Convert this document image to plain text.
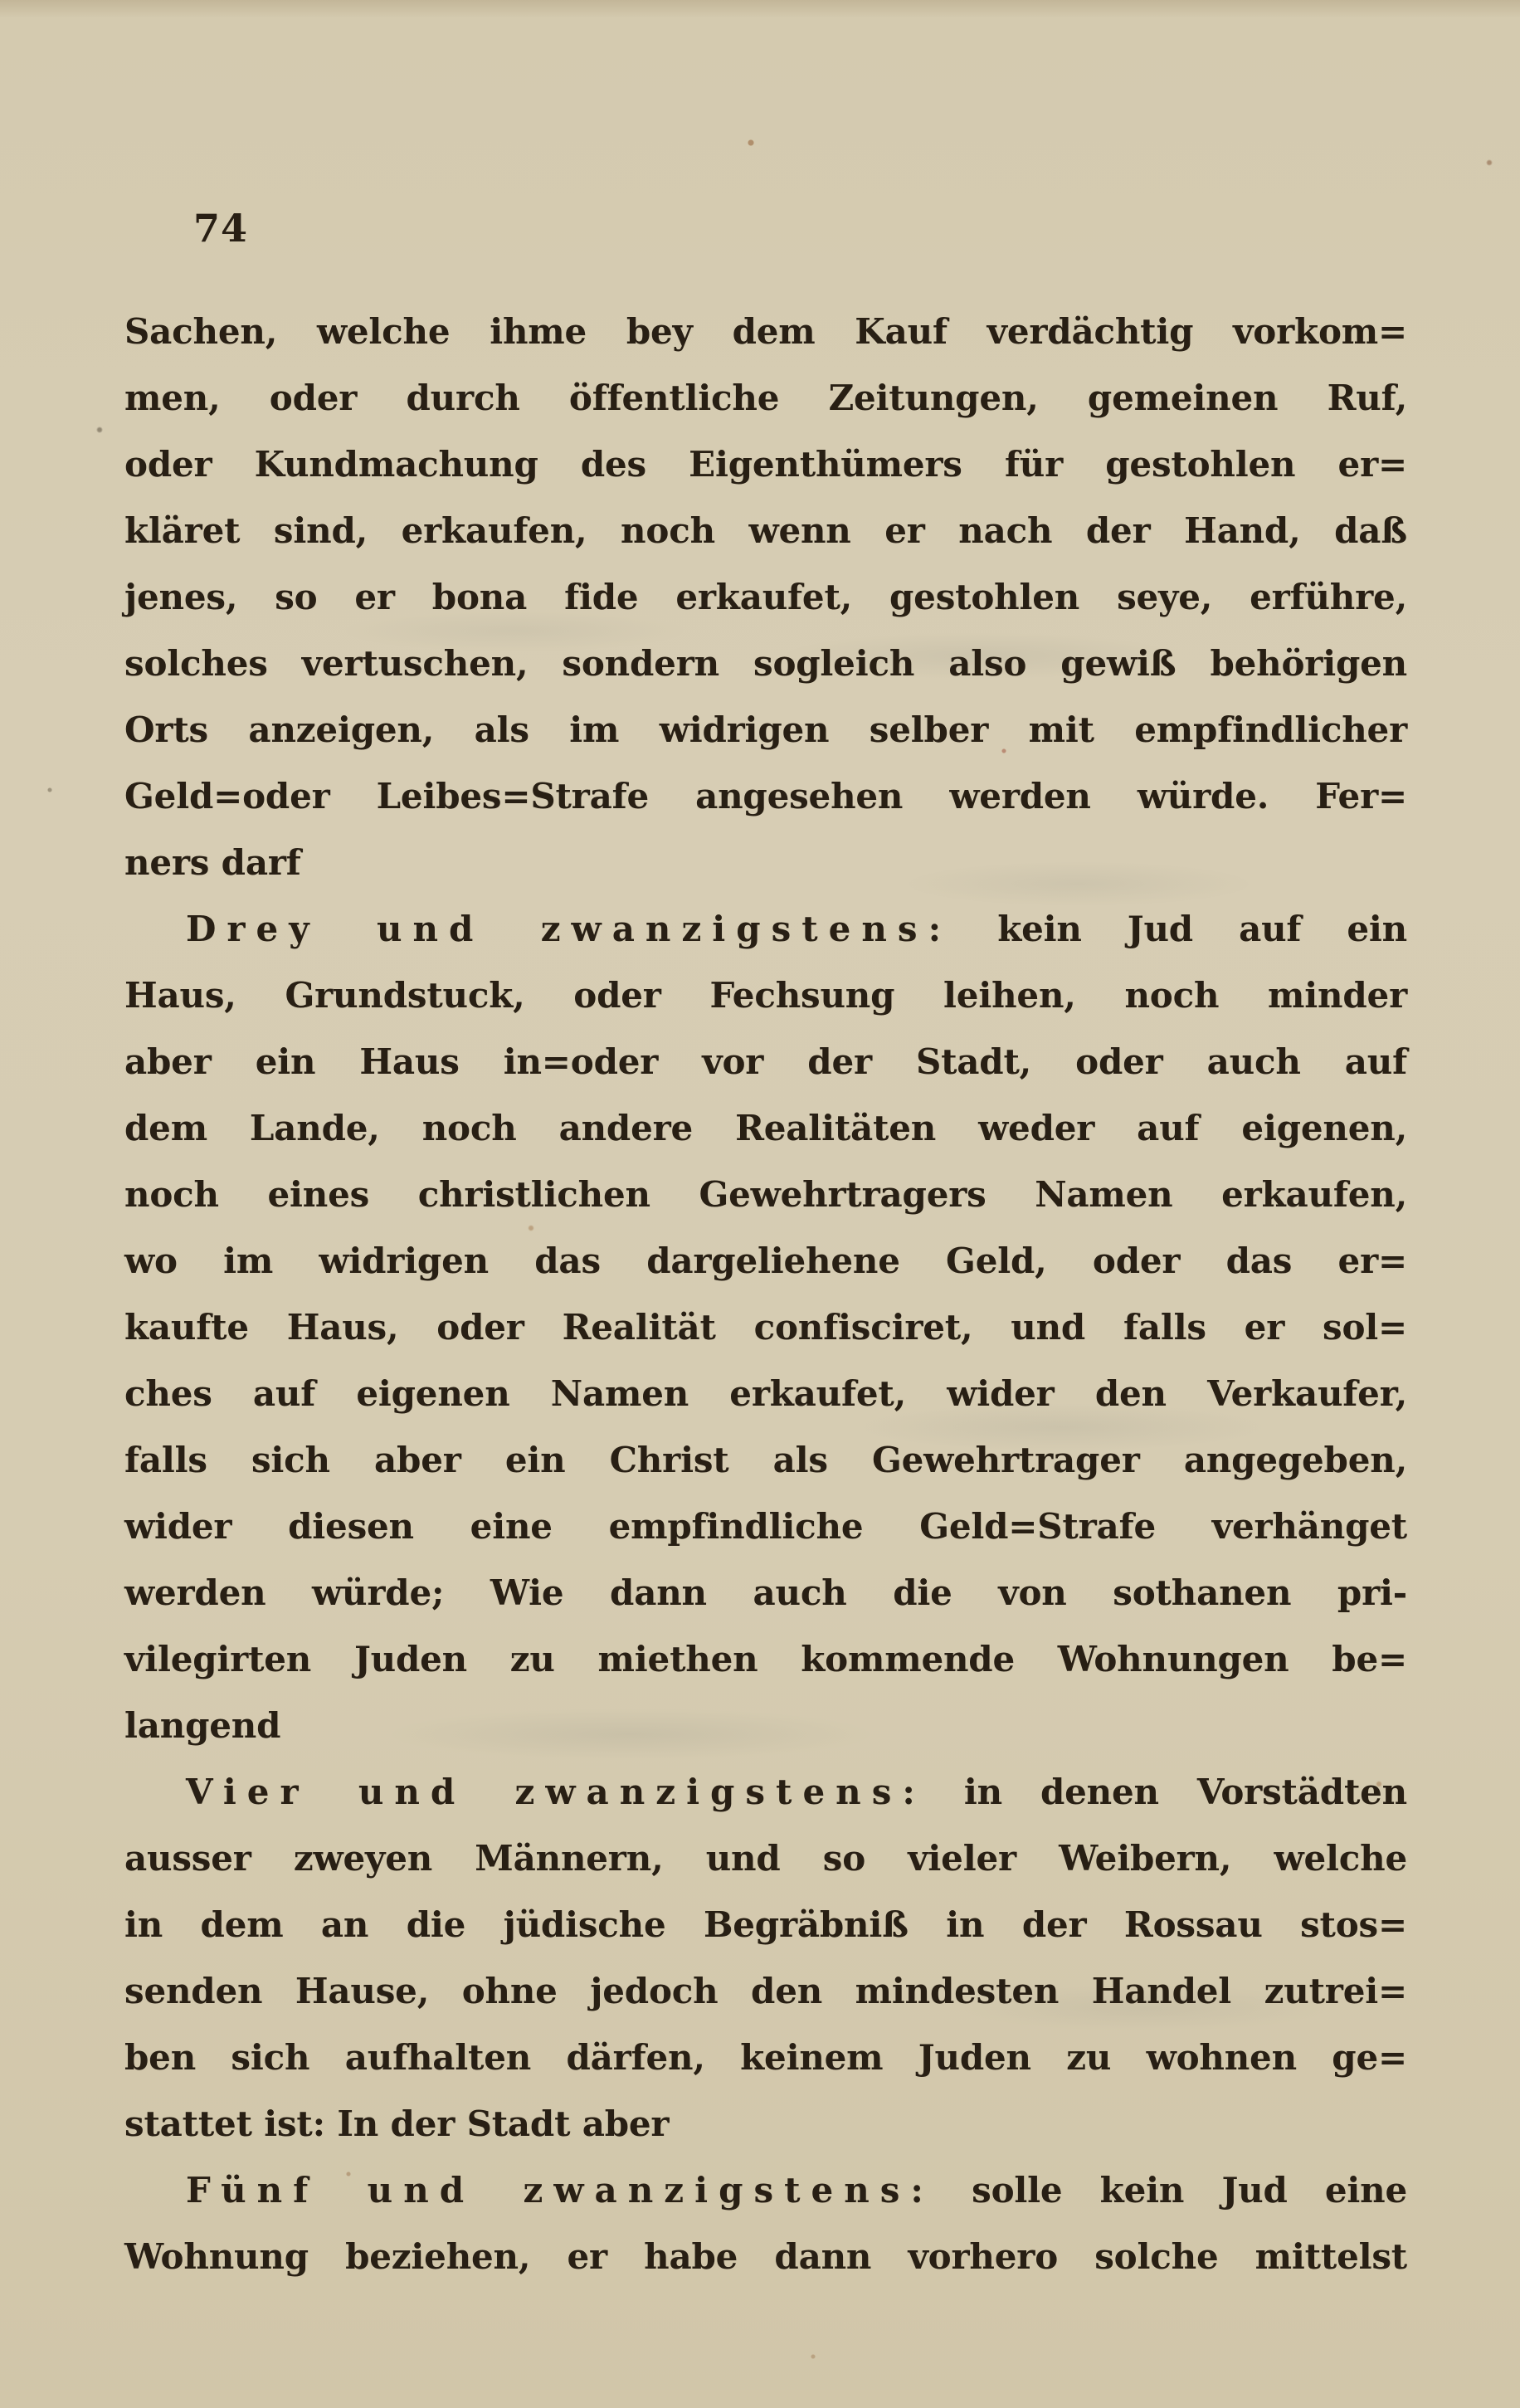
74
Sachen, welche ihme bey dem Kauf verdächtig vorkom=
men, oder durch öffentliche Zeitungen, gemeinen Ruf,
oder Kundmachung des Eigenthümers für gestohlen er=
kläret sind, erkaufen, noch wenn er nach der Hand, daß
jenes, so er bona fide erkaufet, gestohlen seye, erführe,
solches vertuschen, sondern sogleich also gewiß behörigen
Orts anzeigen, als im widrigen selber mit empfindlicher
Geld=oder Leibes=Strafe angesehen werden würde. Fer=
ners darf
Drey und zwanzigstens: kein Jud auf ein
Haus, Grundstuck, oder Fechsung leihen, noch minder
aber ein Haus in=oder vor der Stadt, oder auch auf
dem Lande, noch andere Realitäten weder auf eigenen,
noch eines christlichen Gewehrtragers Namen erkaufen,
wo im widrigen das dargeliehene Geld, oder das er=
kaufte Haus, oder Realität confisciret, und falls er sol=
ches auf eigenen Namen erkaufet, wider den Verkaufer,
falls sich aber ein Christ als Gewehrtrager angegeben,
wider diesen eine empfindliche Geld=Strafe verhänget
werden würde; Wie dann auch die von sothanen pri-
vilegirten Juden zu miethen kommende Wohnungen be=
langend
Vier und zwanzigstens: in denen Vorstädten
ausser zweyen Männern, und so vieler Weibern, welche
in dem an die jüdische Begräbniß in der Rossau stos=
senden Hause, ohne jedoch den mindesten Handel zutrei=
ben sich aufhalten därfen, keinem Juden zu wohnen ge=
stattet ist: In der Stadt aber
Fünf und zwanzigstens: solle kein Jud eine
Wohnung beziehen, er habe dann vorhero solche mittelst
